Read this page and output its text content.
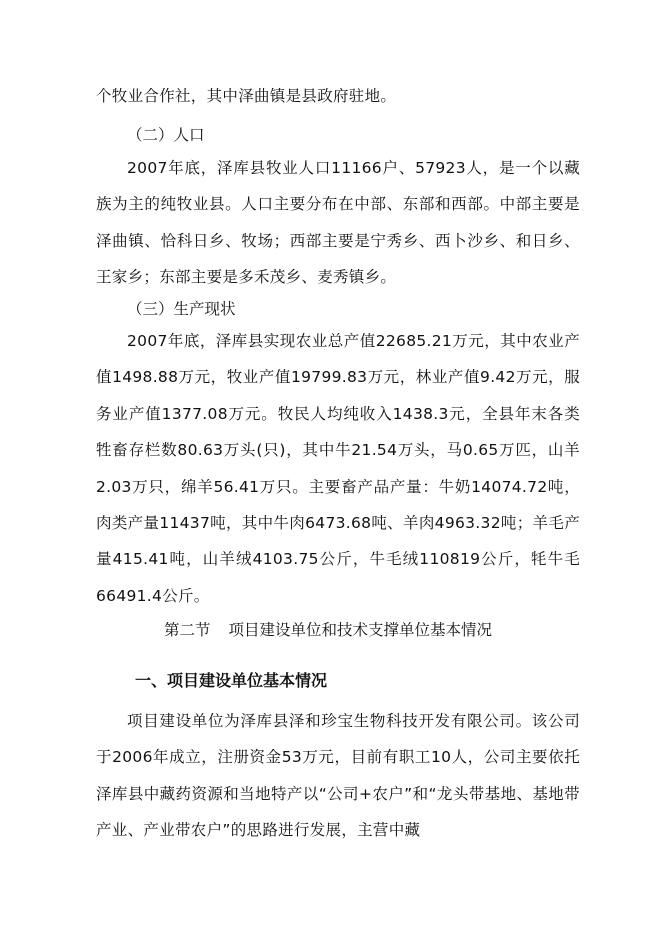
个牧业合作社，其中泽曲镇是县政府驻地。

（二）人口

2007年底，泽库县牧业人口11166户、57923人，是一个以藏族为主的纯牧业县。人口主要分布在中部、东部和西部。中部主要是泽曲镇、恰科日乡、牧场；西部主要是宁秀乡、西卜沙乡、和日乡、王家乡；东部主要是多禾茂乡、麦秀镇乡。

（三）生产现状

2007年底，泽库县实现农业总产值22685.21万元，其中农业产值1498.88万元，牧业产值19799.83万元，林业产值9.42万元，服务业产值1377.08万元。牧民人均纯收入1438.3元，全县年末各类牲畜存栏数80.63万头(只)，其中牛21.54万头，马0.65万匹，山羊2.03万只，绵羊56.41万只。主要畜产品产量：牛奶14074.72吨，肉类产量11437吨，其中牛肉6473.68吨、羊肉4963.32吨；羊毛产量415.41吨，山羊绒4103.75公斤，牛毛绒110819公斤，牦牛毛66491.4公斤。

第二节 项目建设单位和技术支撑单位基本情况

一、项目建设单位基本情况

项目建设单位为泽库县泽和珍宝生物科技开发有限公司。该公司于2006年成立，注册资金53万元，目前有职工10人，公司主要依托泽库县中藏药资源和当地特产以“公司+农户”和“龙头带基地、基地带产业、产业带农户”的思路进行发展，主营中藏
